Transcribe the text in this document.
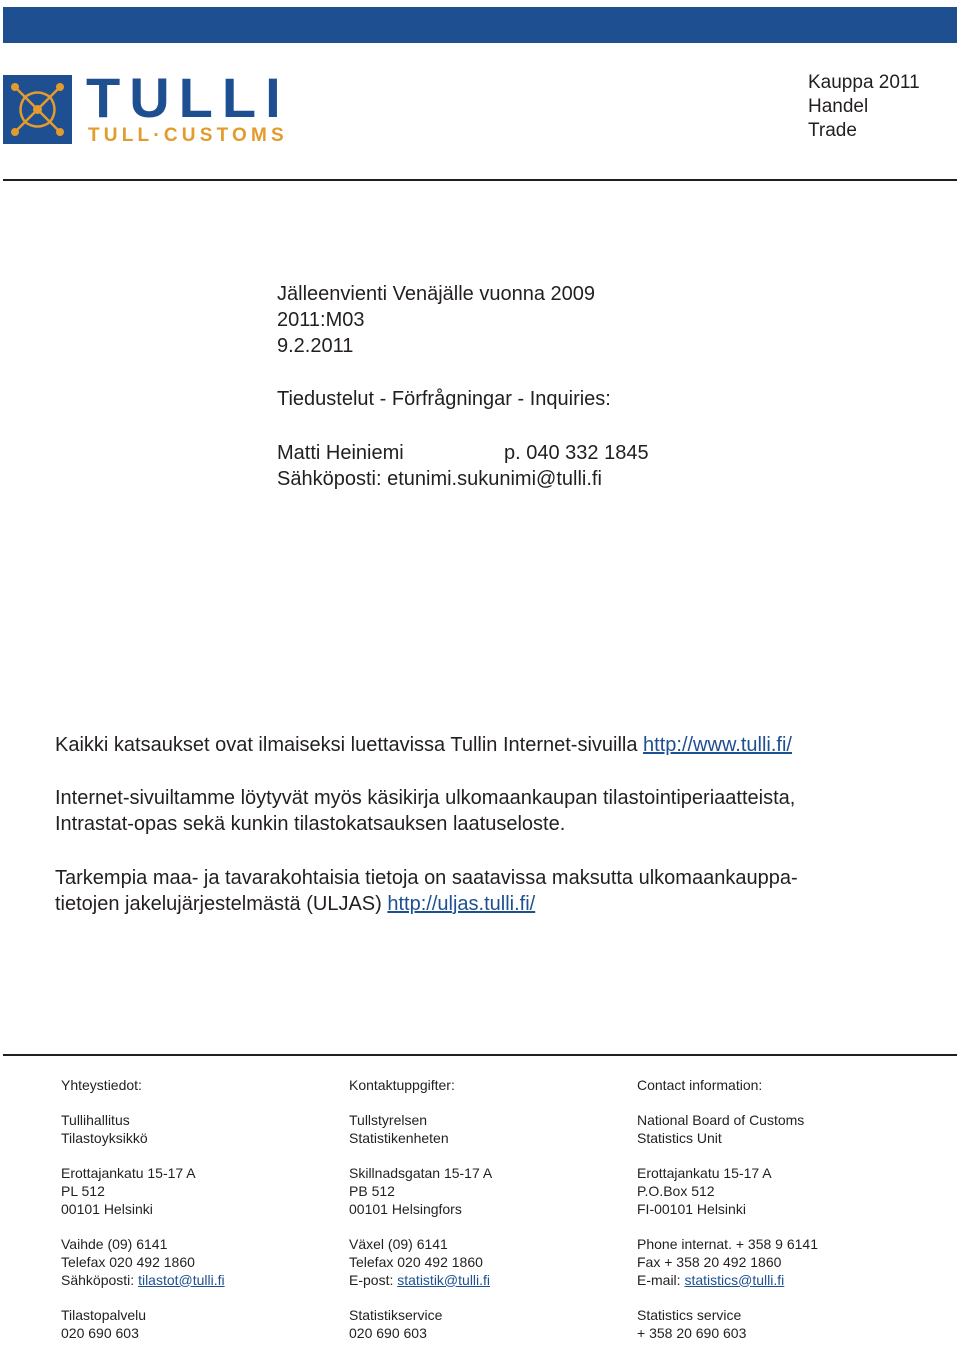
TULLI
TULL·CUSTOMS
Kauppa 2011
Handel
Trade
Jälleenvienti Venäjälle vuonna 2009
2011:M03
9.2.2011
Tiedustelut - Förfrågningar - Inquiries:
Matti Heiniemi	p. 040 332 1845
Sähköposti: etunimi.sukunimi@tulli.fi
Kaikki katsaukset ovat ilmaiseksi luettavissa Tullin Internet-sivuilla http://www.tulli.fi/
Internet-sivuiltamme löytyvät myös käsikirja ulkomaankaupan tilastointiperiaatteista,
Intrastat-opas sekä kunkin tilastokatsauksen laatuseloste.
Tarkempia maa- ja tavarakohtaisia tietoja on saatavissa maksutta ulkomaankauppa-
tietojen jakelujärjestelmästä (ULJAS) http://uljas.tulli.fi/
Yhteystiedot:
Tullihallitus
Tilastoyksikkö
Erottajankatu 15-17 A
PL 512
00101 Helsinki
Vaihde (09) 6141
Telefax 020 492 1860
Sähköposti: tilastot@tulli.fi
Tilastopalvelu
020 690 603
Kontaktuppgifter:
Tullstyrelsen
Statistikenheten
Skillnadsgatan 15-17 A
PB 512
00101 Helsingfors
Växel (09) 6141
Telefax 020 492 1860
E-post: statistik@tulli.fi
Statistikservice
020 690 603
Contact information:
National Board of Customs
Statistics Unit
Erottajankatu 15-17 A
P.O.Box 512
FI-00101 Helsinki
Phone internat. + 358 9 6141
Fax + 358 20 492 1860
E-mail: statistics@tulli.fi
Statistics service
+ 358 20 690 603
